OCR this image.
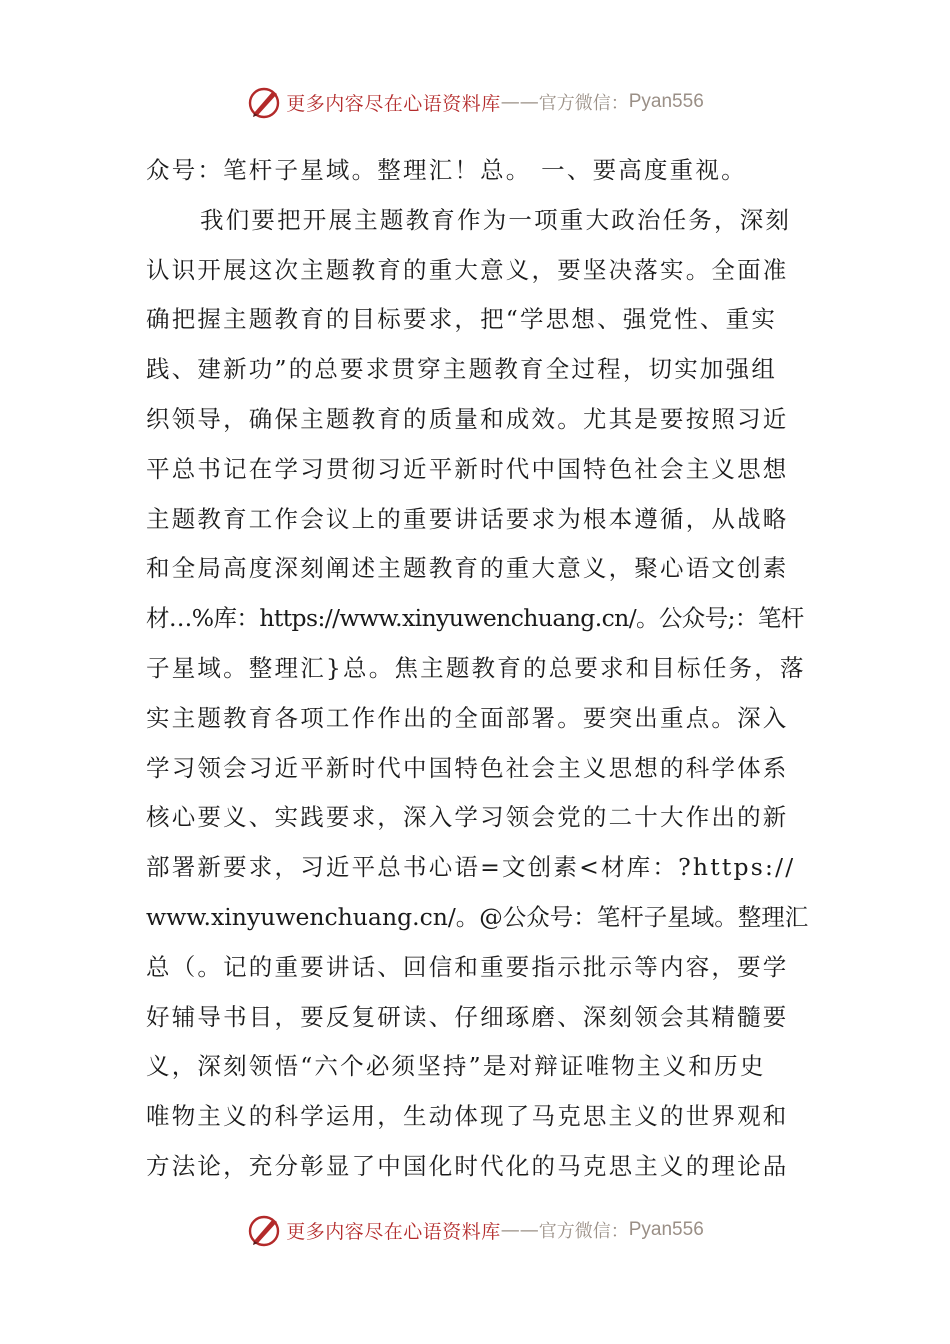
更多内容尽在心语资料库 —— 官方微信： Pyan556
众号：笔杆子星域。整理汇！总。 一、要高度重视。
我们要把开展主题教育作为一项重大政治任务，深刻
认识开展这次主题教育的重大意义，要坚决落实。全面准
确把握主题教育的目标要求，把“学思想、强党性、重实
践、建新功”的总要求贯穿主题教育全过程，切实加强组
织领导，确保主题教育的质量和成效。尤其是要按照习近
平总书记在学习贯彻习近平新时代中国特色社会主义思想
主题教育工作会议上的重要讲话要求为根本遵循，从战略
和全局高度深刻阐述主题教育的重大意义，聚心语文创素
材…%库：https://www.xinyuwenchuang.cn/。公众号;：笔杆
子星域。整理汇}总。焦主题教育的总要求和目标任务，落
实主题教育各项工作作出的全面部署。要突出重点。深入
学习领会习近平新时代中国特色社会主义思想的科学体系
核心要义、实践要求，深入学习领会党的二十大作出的新
部署新要求，习近平总书心语=文创素<材库：?https://
www.xinyuwenchuang.cn/。@公众号：笔杆子星域。整理汇
总（。记的重要讲话、回信和重要指示批示等内容，要学
好辅导书目，要反复研读、仔细琢磨、深刻领会其精髓要
义，深刻领悟“六个必须坚持”是对辩证唯物主义和历史
唯物主义的科学运用，生动体现了马克思主义的世界观和
方法论，充分彰显了中国化时代化的马克思主义的理论品
更多内容尽在心语资料库 —— 官方微信： Pyan556
